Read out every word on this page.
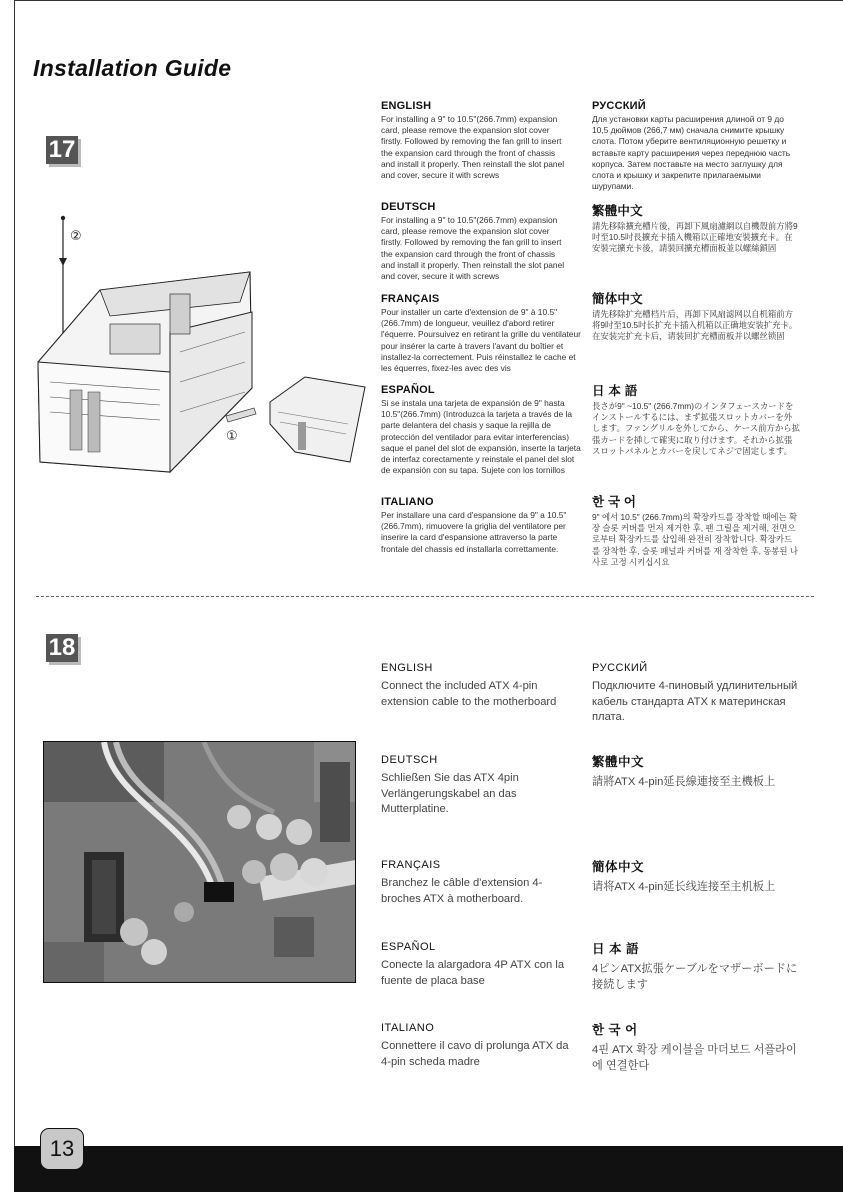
Installation Guide
17
②
①
ENGLISH

For installing a 9" to 10.5"(266.7mm) expansion card, please remove the expansion slot cover firstly. Followed by removing the fan grill to insert the expansion card through the front of chassis and install it properly. Then reinstall the slot panel and cover, secure it with screws

DEUTSCH

For installing a 9" to 10.5"(266.7mm) expansion card, please remove the expansion slot cover firstly. Followed by removing the fan grill to insert the expansion card through the front of chassis and install it properly. Then reinstall the slot panel and cover, secure it with screws

FRANÇAIS

Pour installer un carte d'extension de 9" à 10.5" (266.7mm) de longueur, veuillez d'abord retirer l'équerre. Poursuivez en retirant la grille du ventilateur pour insérer la carte à travers l'avant du boîtier et installez-la correctement. Puis réinstallez le cache et les équerres, fixez-les avec des vis

ESPAÑOL

Si se instala una tarjeta de expansión de 9" hasta 10.5"(266.7mm) (Introduzca la tarjeta a través de la parte delantera del chasis y saque la rejilla de protección del ventilador para evitar interferencias) saque el panel del slot de expansión, inserte la tarjeta de interfaz corectamente y reinstale el panel del slot de expansión con su tapa. Sujete con los tornillos

ITALIANO

Per installare una card d'espansione da 9" a 10.5"(266.7mm), rimuovere la griglia del ventilatore per inserire la card d'espansione attraverso la parte frontale del chassis ed installarla correttamente.

РУССКИЙ

Для установки карты расширения длиной от 9 до 10,5 дюймов (266,7 мм) сначала снимите крышку слота. Потом уберите вентиляционную решетку и вставьте карту расширения через переднюю часть корпуса. Затем поставьте на место заглушку для слота и крышку и закрепите прилагаемыми шурупами.

繁體中文

請先移除擴充槽片後，再卸下風扇濾網以自機殼前方將9吋至10.5吋長擴充卡插入機箱以正確地安裝擴充卡。在安裝完擴充卡後，請裝回擴充槽面板並以螺絲鎖固

簡体中文

请先移除扩充槽档片后，再卸下风扇滤网以自机箱前方将9吋至10.5吋长扩充卡插入机箱以正确地安装扩充卡。在安装完扩充卡后，请装回扩充槽面板并以螺丝锁固

日 本 語

長さが9" ~10.5" (266.7mm)のインタフェースカードをインストールするには、まず拡張スロットカバーを外します。ファングリルを外してから、ケース前方から拡張カードを挿して確実に取り付けます。それから拡張スロットパネルとカバーを戻してネジで固定します。

한 국 어

9" 에서 10.5" (266.7mm)의 확장카드를 장착할 때에는 확장 슬롯 커버를 먼저 제거한 후, 팬 그릴을 제거해, 전면으로부터 확장카드를 삽입해 완전히 장착합니다. 확장카드를 장착한 후, 슬롯 패널과 커버를 재 장착한 후, 동봉된 나사로 고정 시키십시요

18
ENGLISH

Connect the included ATX 4-pin extension cable to the motherboard

DEUTSCH

Schließen Sie das ATX 4pin Verlängerungskabel an das Mutterplatine.

FRANÇAIS

Branchez le câble d'extension 4-broches ATX à motherboard.

ESPAÑOL

Conecte la alargadora 4P ATX con la fuente de placa base

ITALIANO

Connettere il cavo di prolunga ATX da 4-pin scheda madre

РУССКИЙ

Подключите 4-пиновый удлинительный кабель стандарта ATX к материнская плата.

繁體中文

請將ATX 4-pin延長線連接至主機板上

簡体中文

请将ATX 4-pin延长线连接至主机板上

日 本 語

4ピンATX拡張ケーブルをマザーボードに接続します

한 국 어

4핀 ATX 확장 케이블을 마더보드 서플라이에 연결한다

13
